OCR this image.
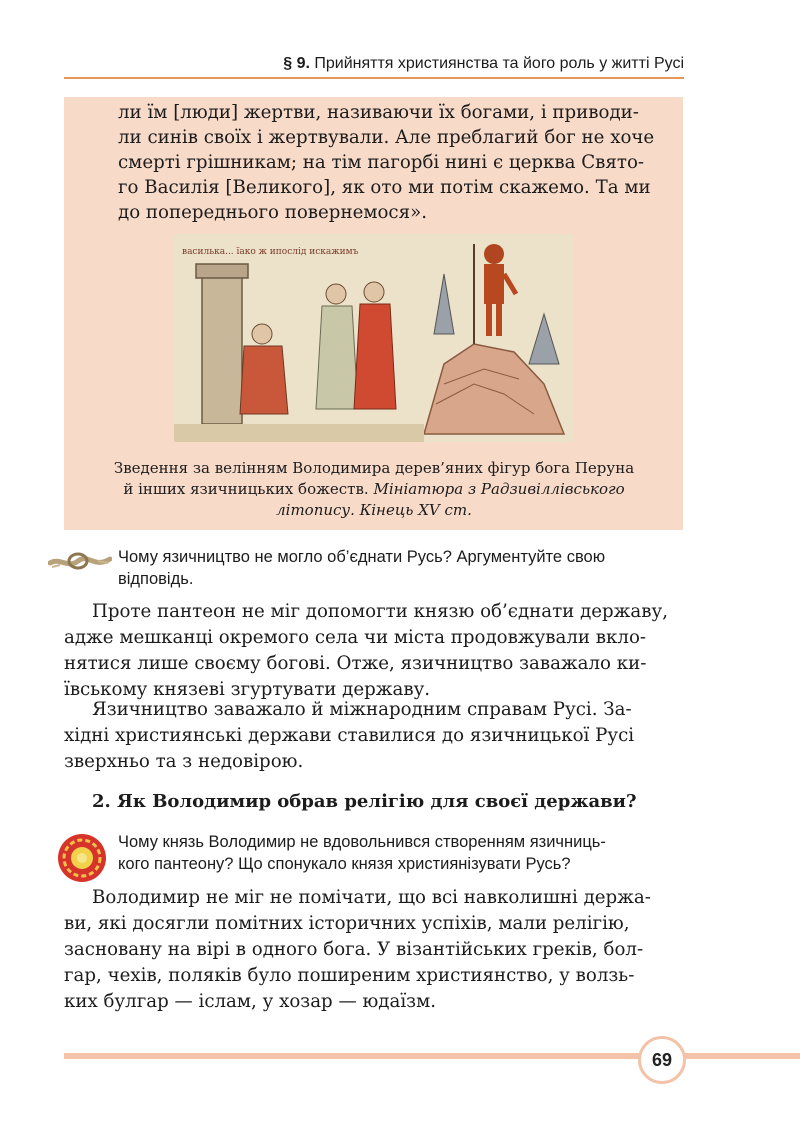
§ 9. Прийняття християнства та його роль у житті Русі

ли їм [люди] жертви, називаючи їх богами, і приводи-
ли синів своїх і жертвували. Але преблагий бог не хоче
смерті грішникам; на тім пагорбі нині є церква Свято-
го Василія [Великого], як ото ми потім скажемо. Та ми
до попереднього повернемося».

василька... їако ж ипослід искажимъ
Зведення за велінням Володимира дерев’яних фігур бога Перуна
й інших язичницьких божеств. Мініатюра з Радзивіллівського
літопису. Кінець XV ст.
Чому язичництво не могло об’єднати Русь? Аргументуйте свою
відповідь.

Проте пантеон не міг допомогти князю об’єднати державу,
адже мешканці окремого села чи міста продовжували вкло-
нятися лише своєму богові. Отже, язичництво заважало ки-
ївському князеві згуртувати державу.

Язичництво заважало й міжнародним справам Русі. За-
хідні християнські держави ставилися до язичницької Русі
зверхньо та з недовірою.

2. Як Володимир обрав релігію для своєї держави?
Чому князь Володимир не вдовольнився створенням язичниць-
кого пантеону? Що спонукало князя християнізувати Русь?

Володимир не міг не помічати, що всі навколишні держа-
ви, які досягли помітних історичних успіхів, мали релігію,
засновану на вірі в одного бога. У візантійських греків, бол-
гар, чехів, поляків було поширеним християнство, у волзь-
ких булгар — іслам, у хозар — юдаїзм.

69
